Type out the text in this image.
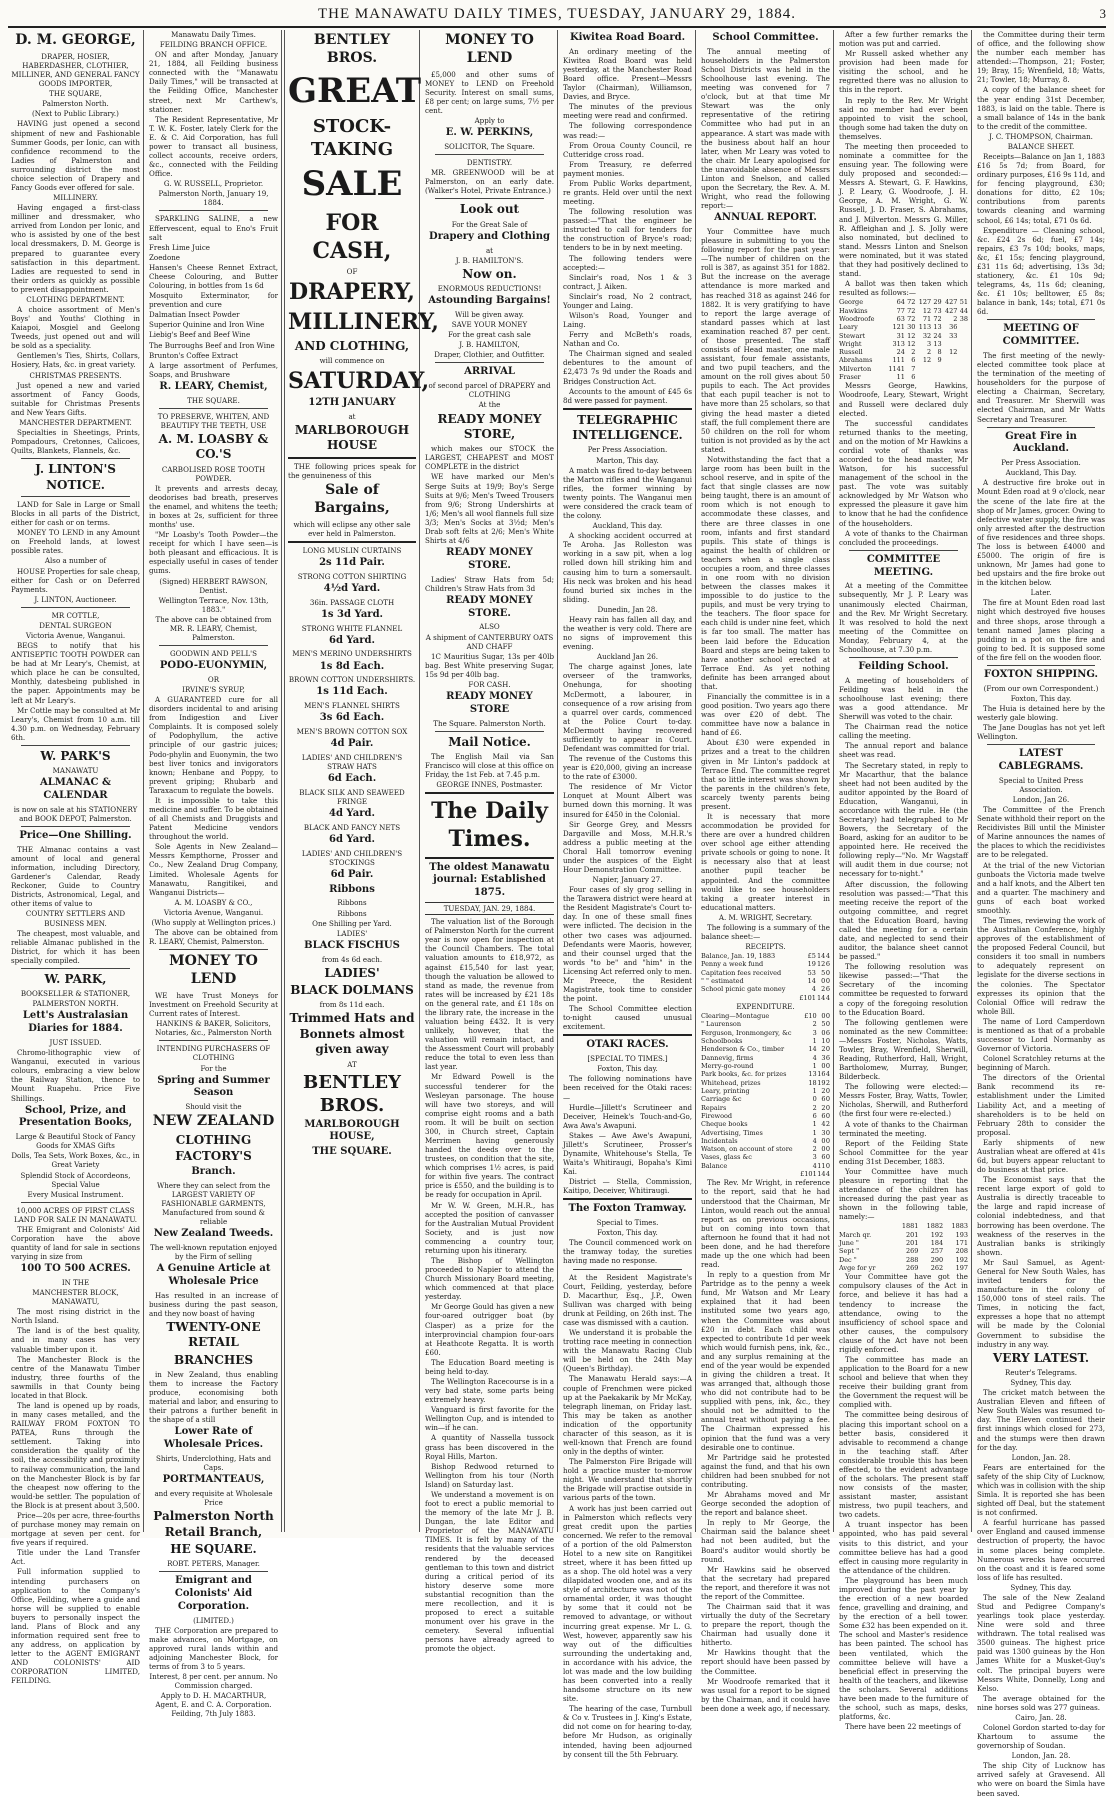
THE MANAWATU DAILY TIMES, TUESDAY, JANUARY 29, 1884.	3

D. M. GEORGE,

DRAPER, HOSIER, HABERDASHER, CLOTHIER, MILLINER, AND GENERAL FANCY GOODS IMPORTER,

THE SQUARE,

Palmerston North.

(Next to Public Library.)

HAVING just opened a second shipment of new and Fashionable Summer Goods, per Ionic, can with confidence recommend to the Ladies of Palmerston and surrounding district the most choice selection of Drapery and Fancy Goods ever offered for sale.

MILLINERY.

Having engaged a first-class milliner and dressmaker, who arrived from London per Ionic, and who is assisted by one of the best local dressmakers, D. M. George is prepared to guarantee every satisfaction in this department. Ladies are requested to send in their orders as quickly as possible to prevent disappointment.

CLOTHING DEPARTMENT.

A choice assortment of Men's Boys' and Youths' Clothing in Kaiapoi, Mosgiel and Geelong Tweeds, just opened out and will be sold as a speciality.

Gentlemen's Ties, Shirts, Collars, Hosiery, Hats, &c. in great variety.

CHRISTMAS PRESENTS.

Just opened a new and varied assortment of Fancy Goods, suitable for Christmas Presents and New Years Gifts.

MANCHESTER DEPARTMENT.

Specialties in Sheetings, Prints, Pompadours, Cretonnes, Calicoes, Quilts, Blankets, Flannels, &c.

J. LINTON'S NOTICE.

LAND for Sale in Large or Small Blocks in all parts of the District, either for cash or on terms.

MONEY TO LEND in any Amount on Freehold lands, at lowest possible rates.

Also a number of

HOUSE Properties for sale cheap, either for Cash or on Deferred Payments.

J. LINTON, Auctioneer.

MR COTTLE,

DENTAL SURGEON

Victoria Avenue, Wanganui.

BEGS to notify that his ANTISEPTIC TOOTH POWDER can be had at Mr Leary's, Chemist, at which place he can be consulted, Monthly, datesbeing published in the paper. Appointments may be left at Mr Leary's.

Mr Cottle may be consulted at Mr Leary's, Chemist from 10 a.m. till 4.30 p.m. on Wednesday, February 6th.

W. PARK'S

MANAWATU

ALMANAC & CALENDAR

is now on sale at his STATIONERY and BOOK DEPOT, Palmerston.

Price—One Shilling.

THE Almanac contains a vast amount of local and general information, including Directory, Gardener's Calendar, Ready Reckoner, Guide to Country Districts, Astronomical, Legal, and other items of value to

COUNTRY SETTLERS AND BUSINESS MEN.

The cheapest, most valuable, and reliable Almanac published in the District, for which it has been specially compiled.

W. PARK,

BOOKSELLER & STATIONER,

PALMERSTON NORTH.

Lett's Australasian Diaries for 1884.

JUST ISSUED.

Chromo-lithographic view of Wanganui, executed in various colours, embracing a view below the Railway Station, thence to Mount Ruapehu. Price Five Shillings.

School, Prize, and Presentation Books,

Large & Beautiful Stock of Fancy Goods for XMAS Gifts

Dolls, Tea Sets, Work Boxes, &c., in Great Variety

Splendid Stock of Accordeons, Special Value

Every Musical Instrument.

10,000 ACRES OF FIRST CLASS LAND FOR SALE IN MANAWATU.

THE Emigrant and Colonists' Aid Corporation have the above quantity of land for sale in sections varying in size from

100 TO 500 ACRES.

IN THE

MANCHESTER BLOCK, MANAWATU,

The most rising district in the North Island.

The land is of the best quality, and in many cases has very valuable timber upon it.

The Manchester Block is the centre of the Manawatu Timber industry, three fourths of the sawmills in that County being located in that Block.

The land is opened up by roads, in many cases metalled, and the RAILWAY FROM FOXTON TO PATEA, Runs through the settlement. Taking into consideration the quality of the soil, the accessibility and proximity to railway communication, the land on the Manchester Block is by far the cheapest now offering to the would-be settler. The population of the Block is at present about 3,500.

Price—20s per acre, three-fourths of purchase money may remain on mortgage at seven per cent. for five years if required.

Title under the Land Transfer Act.

Full information supplied to intending purchasers on application to the Company's Office, Feilding, where a guide and horse will be supplied to enable buyers to personally inspect the land. Plans of Block and any information required sent free to any address, on application by letter to the AGENT EMIGRANT AND COLONISTS' AID CORPORATION LIMITED, FEILDING.

Manawatu Daily Times.

FEILDING BRANCH OFFICE.

ON and after Monday, January 21, 1884, all Feilding business connected with the "Manawatu Daily Times," will be transacted at the Feilding Office, Manchester street, next Mr Carthew's, stationer.

The Resident Representative, Mr T. W. K. Foster, lately Clerk for the E. & C. Aid Corporation, has full power to transact all business, collect accounts, receive orders, &c., connected with the Feilding Office.

G. W. RUSSELL, Proprietor.

Palmerston North, January 19, 1884.

SPARKLING SALINE, a new Effervescent, equal to Eno's Fruit salt

Fresh Lime Juice

Zoedone

Hansen's Cheese Rennet Extract, Cheese Colouring, and Butter Colouring, in bottles from 1s 6d

Mosquito Exterminator, for prevention and cure

Dalmatian Insect Powder

Superior Quinine and Iron Wine

Liebig's Beef and Beef Wine

The Burroughs Beef and Iron Wine

Brunton's Coffee Extract

A large assortment of Perfumes, Soaps, and Brushware

R. LEARY, Chemist,

THE SQUARE.

TO PRESERVE, WHITEN, AND BEAUTIFY THE TEETH, USE

A. M. LOASBY & CO.'S

CARBOLISED ROSE TOOTH POWDER.

It prevents and arrests decay, deodorises bad breath, preserves the enamel, and whitens the teeth; in boxes at 2s, sufficient for three months' use.

"Mr Loasby's Tooth Powder—the receipt for which I have seen—is both pleasant and efficacious. It is especially useful in cases of tender gums.

(Signed) HERBERT RAWSON, Dentist.

Wellington Terrace, Nov. 13th, 1883."

The above can be obtained from MR. R. LEARY, Chemist, Palmerston.

GOODWIN AND PELL'S

PODO-EUONYMIN,

OR

IRVINE'S SYRUP,

A GUARANTEED cure for all disorders incidental to and arising from Indigestion and Liver Complaints. It is composed solely of Podophyllum, the active principle of our gastric juices; Podo-phylin and Euonymin, the two best liver tonics and invigorators known; Henbane and Poppy, to prevent griping; Rhubarb and Taraxacum to regulate the bowels.

It is impossible to take this medicine and suffer. To be obtained of all Chemists and Druggists and Patent Medicine vendors throughout the world.

Sole Agents in New Zealand—Messrs Kempthorne, Prosser and Co., New Zealand Drug Company, Limited. Wholesale Agents for Manawatu, Rangitikei, and Wanganui Districts—

A. M. LOASBY & CO.,

Victoria Avenue, Wanganui.

(Who supply at Wellington prices.)

The above can be obtained from R. LEARY, Chemist, Palmerston.

MONEY TO LEND

WE have Trust Moneys for Investment on Freehold Security at Current rates of Interest.

HANKINS & BAKER, Solicitors, Notaries, &c., Palmerston North

INTENDING PURCHASERS OF CLOTHING

For the

Spring and Summer Season

Should visit the

NEW ZEALAND

CLOTHING FACTORY'S

Branch.

Where they can select from the LARGEST VARIETY OF FASHIONABLE GARMENTS, Manufactured from sound & reliable

New Zealand Tweeds.

The well-known reputation enjoyed by the Firm of selling

A Genuine Article at Wholesale Price

Has resulted in an increase of business during the past season, and they now boast of having

TWENTY-ONE RETAIL

BRANCHES

in New Zealand, thus enabling them to increase the Factory produce, economising both material and labor, and ensuring to their patrons a further benefit in the shape of a still

Lower Rate of Wholesale Prices.

Shirts, Underclothing, Hats and Caps.

PORTMANTEAUS,

and every requisite at Wholesale Price

Palmerston North Retail Branch,

HE SQUARE.

ROBT. PETERS, Manager.

Emigrant and Colonists' Aid Corporation.

(LIMITED.)

THE Corporation are prepared to make advances, on Mortgage, on approved rural lands within and adjoining Manchester Block, for terms of from 3 to 5 years.

Interest, 8 per cent. per annum. No Commission charged.

Apply to D. H. MACARTHUR, Agent, E. and C. A. Corporation. Feilding, 7th July 1883.

BENTLEY BROS.

GREAT

STOCK-TAKING

SALE

FOR CASH,

OF

DRAPERY,

MILLINERY,

AND CLOTHING,

will commence on

SATURDAY,

12TH JANUARY

at

MARLBOROUGH HOUSE

THE following prices speak for the genuineness of this

Sale of Bargains,

which will eclipse any other sale ever held in Palmerston.

LONG MUSLIN CURTAINS

2s 11d Pair.

STRONG COTTON SHIRTING

4½d Yard.

36in. PASSAGE CLOTH

1s 3d Yard.

STRONG WHITE FLANNEL

6d Yard.

MEN'S MERINO UNDERSHIRTS

1s 8d Each.

BROWN COTTON UNDERSHIRTS.

1s 11d Each.

MEN'S FLANNEL SHIRTS

3s 6d Each.

MEN'S BROWN COTTON SOX

4d Pair.

LADIES' AND CHILDREN'S STRAW HATS

6d Each.

BLACK SILK AND SEAWEED FRINGE

4d Yard.

BLACK AND FANCY NETS

6d Yard.

LADIES' AND CHILDREN'S STOCKINGS

6d Pair.

Ribbons

Ribbons

Ribbons

One Shilling per Yard.

LADIES'

BLACK FISCHUS

from 4s 6d each.

LADIES'

BLACK DOLMANS

from 8s 11d each.

Trimmed Hats and Bonnets almost given away

AT

BENTLEY BROS.

MARLBOROUGH HOUSE,

THE SQUARE.

MONEY TO LEND

£5,000 and other sums of MONEY to LEND on Freehold Security. Interest on small sums, £8 per cent; on large sums, 7½ per cent.

Apply to

E. W. PERKINS,

SOLICITOR, The Square.

DENTISTRY.

MR. GREENWOOD will be at Palmerston, on an early date. (Walker's Hotel, Private Entrance.)

Look out

For the Great Sale of

Drapery and Clothing

at

J. B. HAMILTON'S.

Now on.

ENORMOUS REDUCTIONS!

Astounding Bargains!

Will be given away.

SAVE YOUR MONEY

For the great cash sale

J. B. HAMILTON,

Draper, Clothier, and Outfitter.

ARRIVAL

of second parcel of DRAPERY and CLOTHING

At the

READY MONEY STORE,

which makes our STOCK the LARGEST, CHEAPEST and MOST COMPLETE in the district

WE have marked our Men's Serge Suits at 19/9; Boy's Serge Suits at 9/6; Men's Tweed Trousers from 9/6; Strong Undershirts at 1/6; Men's all wool flannels full size 3/3; Men's Socks at 3½d; Men's Drab soft felts at 2/6; Men's White Shirts at 4/6

READY MONEY STORE.

Ladies' Straw Hats from 5d; Children's Straw Hats from 3d

READY MONEY STORE.

ALSO

A shipment of CANTERBURY OATS AND CHAFF

1C Mauritius Sugar, 13s per 40lb bag. Best White preserving Sugar, 15s 9d per 40lb bag.

FOR CASH.

READY MONEY STORE

The Square. Palmerston North.

Mail Notice.

The English Mail via San Francisco will close at this office on Friday, the 1st Feb. at 7.45 p.m.

GEORGE INNES, Postmaster.

The Daily Times.

The oldest Manawatu journal: Established 1875.

TUESDAY, JAN. 29, 1884.

The valuation list of the Borough of Palmerston North for the current year is now open for inspection at the Council Chambers. The total valuation amounts to £18,972, as against £15,540 for last year, though the valuation be allowed to stand as made, the revenue from rates will be increased by £21 18s on the general rate, and £1 18s on the library rate, the increase in the valuation being £432. It is very unlikely, however, that the valuation will remain intact, and the Assessment Court will probably reduce the total to even less than last year.

Mr Edward Powell is the successful tenderer for the Wesleyan parsonage. The house will have two storeys, and will comprise eight rooms and a bath room. It will be built on section 300, in Church street, Captain Merrimen having generously handed the deeds over to the trustees, on condition that the site, which comprises 1½ acres, is paid for within five years. The contract price is £550, and the building is to be ready for occupation in April.

Mr W. W. Green, M.H.R., has accepted the position of canvasser for the Australian Mutual Provident Society, and is just now commencing a country tour, returning upon his itinerary.

The Bishop of Wellington proceeded to Napier to attend the Church Missionary Board meeting, which commenced at that place yesterday.

Mr George Gould has given a new four-oared outrigger boat (by Clasper) as a prize for the interprovincial champion four-oars at Heathcote Regatta. It is worth £60.

The Education Board meeting is being held to-day.

The Wellington Racecourse is in a very bad state, some parts being extremely heavy.

Vanguard is first favorite for the Wellington Cup, and is intended to win—if he can.

A quantity of Nassella tussock grass has been discovered in the Royal Hills, Marton.

Bishop Redwood returned to Wellington from his tour (North Island) on Saturday last.

We understand a movement is on foot to erect a public memorial to the memory of the late Mr J. B. Dungan, the late Editor and Proprietor of the MANAWATU TIMES. It is felt by many of the residents that the valuable services rendered by the deceased gentleman to this town and district during a critical period of its history deserve some more substantial recognition than the mere recollection, and it is proposed to erect a suitable monument over his grave in the cemetery. Several influential persons have already agreed to promote the object.

Kiwitea Road Board.

An ordinary meeting of the Kiwitea Road Board was held yesterday, at the Manchester Road Board office. Present—Messrs Taylor (Chairman), Williamson, Davies, and Bryce.

The minutes of the previous meeting were read and confirmed.

The following correspondence was read:—

From Oroua County Council, re Cutteridge cross road.

From Treasury, re deferred payment monies.

From Public Works department, re grants. Held over until the next meeting.

The following resolution was passed:—"That the engineer be instructed to call for tenders for the construction of Bryce's road; tenders to be in by next meeting.

The following tenders were accepted:—

Sinclair's road, Nos 1 & 3 contract, J. Aiken.

Sinclair's road, No 2 contract, Younger and Laing.

Wilson's Road, Younger and Laing.

Ferry and McBeth's roads, Nathan and Co.

The Chairman signed and sealed debentures to the amount of £2,473 7s 9d under the Roads and Bridges Construction Act.

Accounts to the amount of £45 6s 8d were passed for payment.

TELEGRAPHIC INTELLIGENCE.

Per Press Association.

Marton, This day.

A match was fired to-day between the Marton rifles and the Wanganui rifles, the former winning by twenty points. The Wanganui men were considered the crack team of the colony.

Auckland, This day.

A shocking accident occurred at Te Aroha. Jas Rolleston was working in a saw pit, when a log rolled down hill striking him and causing him to turn a somersault. His neck was broken and his head found buried six inches in the sliding.

Dunedin, Jan 28.

Heavy rain has fallen all day, and the weather is very cold. There are no signs of improvement this evening.

Auckland Jan 26.

The charge against Jones, late overseer of the tramworks, Onehunga, for shooting McDermott, a labourer, in consequence of a row arising from a quarrel over cards, commenced at the Police Court to-day. McDermott having recovered sufficiently to appear in Court. Defendant was committed for trial.

The revenue of the Customs this year is £20,000, giving an increase to the rate of £3000.

The residence of Mr Victor Lonquet at Mount Albert was burned down this morning. It was insured for £450 in the Colonial.

Sir George Grey, and Messrs Dargaville and Moss, M.H.R.'s address a public meeting at the Choral Hall tomorrow evening under the auspices of the Eight Hour Demonstration Committee.

Napier, January 27.

Four cases of sly grog selling in the Tarawera district were heard at the Resident Magistrate's Court to-day. In one of these small fines were inflicted. The decision in the other two cases was adjourned. Defendants were Maoris, however, and their counsel urged that the words "to be" and "him" in the Licensing Act referred only to men. Mr Preece, the Resident Magistrate, took time to consider the point.

The School Committee election to-night caused unusual excitement.

OTAKI RACES.

[SPECIAL TO TIMES.]

Foxton, This day.

The following nominations have been received for the Otaki races:—

Hurdle—Jillett's Scrutineer and Deceiver, Heinek's Touch-and-Go, Awa Awa's Awapuni.

Stakes — Awe Awe's Awapuni, Jillett's Scrutineer, Prosser's Dynamite, Whitehouse's Stella, Te Waita's Whitiraugi, Bopaha's Kimi Kai.

District — Stella, Commission, Kaitipo, Deceiver, Whitiraugi.

The Foxton Tramway.

Special to Times.

Foxton, This day.

The Council commenced work on the tramway today, the sureties having made no response.

At the Resident Magistrate's Court, Feilding, yesterday, before D. Macarthur, Esq., J.P., Owen Sullivan was charged with being drunk at Feilding, on 26th inst. The case was dismissed with a caution.

We understand it is probable the trotting race meeting in connection with the Manawatu Racing Club will be held on the 24th May (Queen's Birthday).

The Manawatu Herald says:—A couple of Frenchmen were picked up at the Paekakarik by Mr McKay, telegraph lineman, on Friday last. This may be taken as another indication of the opportunity character of this season, as it is well-known that French are found only in the depths of winter.

The Palmerston Fire Brigade will hold a practice muster to-morrow night. We understand that shortly the Brigade will practise outside in various parts of the town.

A work has just been carried out in Palmerston which reflects very great credit upon the parties concerned. We refer to the removal of a portion of the old Palmerston Hotel to a new site on Rangitikei street, where it has been fitted up as a shop. The old hotel was a very dilapidated wooden one, and as its style of architecture was not of the ornamental order, it was thought by some that it could not be removed to advantage, or without incurring great expense. Mr L. G. West, however, apparently saw his way out of the difficulties surrounding the undertaking and, in accordance with his advice, the lot was made and the low building has been converted into a really handsome structure on its new site.

The hearing of the case, Turnbull & Co v. Trustees in J. King's Estate, did not come on for hearing to-day, before Mr Hudson, as originally intended, having been adjourned by consent till the 5th February.

School Committee.

The annual meeting of householders in the Palmerston School Districts was held in the Schoolhouse last evening. The meeting was convened for 7 o'clock, but at that time Mr Stewart was the only representative of the retiring Committee who had put in an appearance. A start was made with the business about half an hour later, when Mr Leary was voted to the chair. Mr Leary apologised for the unavoidable absence of Messrs Linton and Snelson, and called upon the Secretary, the Rev. A. M. Wright, who read the following report:—

ANNUAL REPORT.

Your Committee have much pleasure in submitting to you the following report for the past year:—The number of children on the roll is 387, as against 351 for 1882. But the increase on the average attendance is more marked and has reached 318 as against 246 for 1882. It is very gratifying to have to report the large average of standard passes which at last examination reached 87 per cent. of those presented. The staff consists of Head master, one male assistant, four female assistants, and two pupil teachers, and the amount on the roll gives about 50 pupils to each. The Act provides that each pupil teacher is not to have more than 25 scholars, so that giving the head master a dieted staff, the full complement there are 50 children on the roll for whom tuition is not provided as by the act stated.

Notwithstanding the fact that a large room has been built in the school reserve, and in spite of the fact that single classes are now being taught, there is an amount of room which is not enough to accommodate these classes, and there are three classes in one room, infants and first standard pupils. This state of things is against the health of children or teachers when a single class occupies a room, and three classes in one room with no division between the classes makes it impossible to do justice to the pupils, and must be very trying to the teachers. The floor space for each child is under nine feet, which is far too small. The matter has been laid before the Education Board and steps are being taken to have another school erected at Terrace End. As yet nothing definite has been arranged about that.

Financially the committee is in a good position. Two years ago there was over £20 of debt. The committee have now a balance in hand of £6.

About £30 were expended in prizes and a treat to the children given in Mr Linton's paddock at Terrace End. The committee regret that so little interest was shown by the parents in the children's fete, scarcely twenty parents being present.

It is necessary that more accommodation be provided for there are over a hundred children over school age either attending private schools or going to none. It is necessary also that at least another pupil teacher be appointed. And the committee would like to see householders taking a greater interest in educational matters.

A. M. WRIGHT, Secretary.

The following is a summary of the balance sheet:—

RECEIPTS.

Balance, Jan. 19, 1883	£5	14	4
Penny a week fund	19	12	6
Capitation fees received	53	5	0
" " estimated	14	0	0
School picnic gate money	4	2	6
	£101	14	4

EXPENDITURE.

Clearing—Montague	£10	0	0
" Laurenson	2	5	0
Ferguson, Ironmongery, &c	3	0	6
Schoolbooks	1	1	0
Henderson & Co., timber	14	2	0
Dannevig, firms	4	3	6
Merry-go-round	1	0	0
Park books, &c. for prizes	13	16	4
Whitehead, prizes	18	19	2
Leary, printing	1	2	0
Carriage &c	0	6	0
Repairs	2	2	0
Firewood	6	6	0
Cheque books	1	4	2
Advertising, Times	1	3	0
Incidentals	4	0	0
Watson, on account of store	2	0	0
Vases, glass &c	3	6	0
Balance	4	11	0
	£101	14	4

The Rev. Mr Wright, in reference to the report, said that he had understood that the Chairman, Mr Linton, would reach out the annual report as on previous occasions, but on coming into town that afternoon he found that it had not been done, and he had therefore made up the one which had been read.

In reply to a question from Mr Partridge as to the penny a week fund, Mr Watson and Mr Leary explained that it had been instituted some two years ago, when the Committee was about £20 in debt. Each child was expected to contribute 1d per week which would furnish pens, ink, &c., and any surplus remaining at the end of the year would be expended in giving the children a treat. It was arranged that, although those who did not contribute had to be supplied with pens, ink, &c., they should not be admitted to the annual treat without paying a fee. The Chairman expressed his opinion that the fund was a very desirable one to continue.

Mr Partridge said he protested against the fund, and that his own children had been snubbed for not contributing.

Mr Abrahams moved and Mr George seconded the adoption of the report and balance sheet.

In reply to Mr George, the Chairman said the balance sheet had not been audited, but the Board's auditor would shortly be round.

Mr Hawkins said he observed that the secretary had prepared the report, and therefore it was not the report of the Committee.

The Chairman said that it was virtually the duty of the Secretary to prepare the report, though the Chairman had usually done it hitherto.

Mr Hawkins thought that the report should have been passed by the Committee.

Mr Woodroofe remarked that it was usual for a report to be signed by the Chairman, and it could have been done a week ago, if necessary.

After a few further remarks the motion was put and carried.

Mr Russell asked whether any provision had been made for visiting the school, and he regretted there was no allusion to this in the report.

In reply to the Rev. Mr Wright said no member had ever been appointed to visit the school, though some had taken the duty on themselves.

The meeting then proceeded to nominate a committee for the ensuing year. The following were duly proposed and seconded:—Messrs A. Stewart, G. F. Hawkins, J. P. Leary, G. Woodroofe, J. H. George, A. M. Wright, G. W. Russell, J. D. Fraser, S. Abrahams, and J. Milverton. Messrs G. Miller, R. Affleighan and J. S. Jolly were also nominated, but declined to stand. Messrs Linton and Snelson were nominated, but it was stated that they had positively declined to stand.

A ballot was then taken which resulted as follows:—

George	64	72	127	29	427	51
Hawkins	77	72	12	73	427	44
Woodroofe	63	72	71	72	2	38
Leary	121	30	113	13	36	
Stewart	31	12	32	24	33	
Wright	313	12	3	13		
Russell	24	2	2	8	12	
Abrahams	111	6	12	9		
Milverton	1141	7				
Fraser	11	6				

Messrs George, Hawkins, Woodroofe, Leary, Stewart, Wright and Russell were declared duly elected.

The successful candidates returned thanks to the meeting, and on the motion of Mr Hawkins a cordial vote of thanks was accorded to the head master, Mr Watson, for his successful management of the school in the past. The vote was suitably acknowledged by Mr Watson who expressed the pleasure it gave him to know that he had the confidence of the householders.

A vote of thanks to the Chairman concluded the proceedings.

COMMITTEE MEETING.

At a meeting of the Committee subsequently, Mr J. P. Leary was unanimously elected Chairman, and the Rev. Mr Wright Secretary. It was resolved to hold the next meeting of the Committee on Monday, February 4, at the Schoolhouse, at 7.30 p.m.

Feilding School.

A meeting of householders of Feilding was held in the schoolhouse last evening; there was a good attendance. Mr Sherwill was voted to the chair.

The Chairman read the notice calling the meeting.

The annual report and balance sheet was read.

The Secretary stated, in reply to Mr Macarthur, that the balance sheet had not been audited by the auditor appointed by the Board of Education, Wanganui, in accordance with the rule. He (the Secretary) had telegraphed to Mr Bowers, the Secretary of the Board, asking for an auditor to be appointed here. He received the following reply—"No. Mr Wagstaff will audit them in due course; not necessary for to-night."

After discussion, the following resolution was passed:—"That this meeting receive the report of the outgoing committee, and regret that the Education Board, having called the meeting for a certain date, and neglected to send their auditor, the balance sheet cannot be passed."

The following resolution was likewise passed:—"That the Secretary of the incoming committee be requested to forward a copy of the foregoing resolution to the Education Board.

The following gentlemen were nominated as the new Committee:—Messrs Foster, Nicholas, Watts, Towler, Bray, Wrenfield, Sherwill, Reading, Rutherford, Hall, Wright, Bartholomew, Murray, Bunger, Bilderbeck.

The following were elected:—Messrs Foster, Bray, Watts, Towler, Nicholas, Sherwill, and Rutherford (the first four were re-elected.)

A vote of thanks to the Chairman terminated the meeting.

Report of the Feilding State School Committee for the year ending 31st December, 1883.

Your Committee have much pleasure in reporting that the attendance of the children has increased during the past year as shown in the following table, namely:—

	1881	1882	1883
March qr.	201	192	193
June "	201	184	171
Sept "	269	257	208
Dec "	288	290	192
Avge for yr	269	262	197

Your Committee have got the compulsory clauses of the Act in force, and believe it has had a tendency to increase the attendance, owing to the insufficiency of school space and other causes, the compulsory clause of the Act have not been rigidly enforced.

The committee has made an application to the Board for a new school and believe that when they receive their building grant from the Government the request will be complied with.

The committee being desirous of placing this important school on a better basis, considered it advisable to recommend a change in the teaching staff. After considerable trouble this has been effected, to the evident advantage of the scholars. The present staff now consists of the master, assistant master, assistant mistress, two pupil teachers, and two cadets.

A truant inspector has been appointed, who has paid several visits to this district, and your committee believe has had a good effect in causing more regularity in the attendance of the children.

The playground has been much improved during the past year by the erection of a new boarded fence, gravelling and draining, and by the erection of a bell tower. Some £32 has been expended on it. The school and Master's residence has been painted. The school has been ventilated, which the committee believe will have a beneficial effect in preserving the health of the teachers, and likewise the scholars. Several additions have been made to the furniture of the school, such as maps, desks, platforms, &c.

There have been 22 meetings of

the Committee during their term of office, and the following show the number each member has attended:—Thompson, 21; Foster, 19; Bray, 15; Wrenfield, 18; Watts, 21; Towler, 18; Murray, 8.

A copy of the balance sheet for the year ending 31st December, 1883, is laid on the table. There is a small balance of 14s in the bank to the credit of the committee.

J. C. THOMPSON, Chairman.

BALANCE SHEET.

Receipts—Balance on Jan 1, 1883 £16 5s 7d; from Board, for ordinary purposes, £16 9s 11d, and for fencing playground, £30; donations for ditto, £2 10s; contributions from parents towards cleaning and warming school, £6 14s; total, £71 0s 6d.

Expenditure — Cleaning school, &c. £24 2s 6d; fuel, £7 14s; repairs, £3 7s 10d; books, maps, &c, £1 15s; fencing playground, £31 11s 6d; advertising, 13s 3d; stationery, &c. £1 10s 9d; telegrams, 4s, 11s 6d; cleaning, &c. £1 10s; belltower, £5 8s; balance in bank, 14s; total, £71 0s 6d.

MEETING OF COMMITTEE.

The first meeting of the newly-elected committee took place at the termination of the meeting of householders for the purpose of electing a Chairman, Secretary, and Treasurer. Mr Sherwill was elected Chairman, and Mr Watts Secretary and Treasurer.

Great Fire in Auckland.

Per Press Association.

Auckland, This Day.

A destructive fire broke out in Mount Eden road at 9 o'clock, near the scene of the late fire at the shop of Mr James, grocer. Owing to defective water supply, the fire was only arrested after the destruction of five residences and three shops. The loss is between £4000 and £5000. The origin of fire is unknown, Mr James had gone to bed upstairs and the fire broke out in the kitchen below.

Later.

The fire at Mount Eden road last night which destroyed five houses and three shops, arose through a tenant named James placing a pudding in a pot on the fire and going to bed. It is supposed some of the fire fell on the wooden floor.

FOXTON SHIPPING.

(From our own Correspondent.)

Foxton, This day.

The Huia is detained here by the westerly gale blowing.

The Jane Douglas has not yet left Wellington.

LATEST CABLEGRAMS.

Special to United Press Association.

London, Jan 26.

The Committee of the French Senate withhold their report on the Recidivistes Bill until the Minister of Marine announces the names of the places to which the recidivistes are to be relegated.

At the trial of the new Victorian gunboats the Victoria made twelve and a half knots, and the Albert ten and a quarter. The machinery and guns of each boat worked smoothly.

The Times, reviewing the work of the Australian Conference, highly approves of the establishment of the proposed Federal Council, but considers it too small in numbers to adequately represent on legislate for the diverse sections in the colonies. The Spectator expresses its opinion that the Colonial Office will redraw the whole Bill.

The name of Lord Camperdown is mentioned as that of a probable successor to Lord Normanby as Governor of Victoria.

Colonel Scratchley returns at the beginning of March.

The directors of the Oriental Bank recommend its re-establishment under the Limited Liability Act, and a meeting of shareholders is to be held on February 28th to consider the proposal.

Early shipments of new Australian wheat are offered at 41s 6d, but buyers appear reluctant to do business at that price.

The Economist says that the recent large export of gold to Australia is directly traceable to the large and rapid increase of colonial indebtedness, and that borrowing has been overdone. The weakness of the reserves in the Australian banks is strikingly shown.

Mr Saul Samuel, as Agent-General for New South Wales, has invited tenders for the manufacture in the colony of 150,000 tons of steel rails. The Times, in noticing the fact, expresses a hope that no attempt will be made by the Colonial Government to subsidise the industry in any way.

VERY LATEST.

Reuter's Telegrams.

Sydney, This day.

The cricket match between the Australian Eleven and fifteen of New South Wales was resumed to-day. The Eleven continued their first innings which closed for 273, and the stumps were then drawn for the day.

London, Jan. 28.

Fears are entertained for the safety of the ship City of Lucknow, which was in collision with the ship Simla. It is reported she has been sighted off Deal, but the statement is not confirmed.

A fearful hurricane has passed over England and caused immense destruction of property, the havoc in some places being complete. Numerous wrecks have occurred on the coast and it is feared some loss of life has resulted.

Sydney, This day.

The sale of the New Zealand Stud and Pedigree Company's yearlings took place yesterday. Nine were sold and three withdrawn. The total realised was 3500 guineas. The highest price paid was 1300 guineas by the Hon James White for a Musket-Guy's colt. The principal buyers were Messrs White, Donnelly, Long and Kelso.

The average obtained for the nine horses sold was 277 guineas.

Cairo, Jan. 28.

Colonel Gordon started to-day for Khartoum to assume the governorship of Soudan.

London, Jan. 28.

The ship City of Lucknow has arrived safely at Gravesend. All who were on board the Simla have been saved.
